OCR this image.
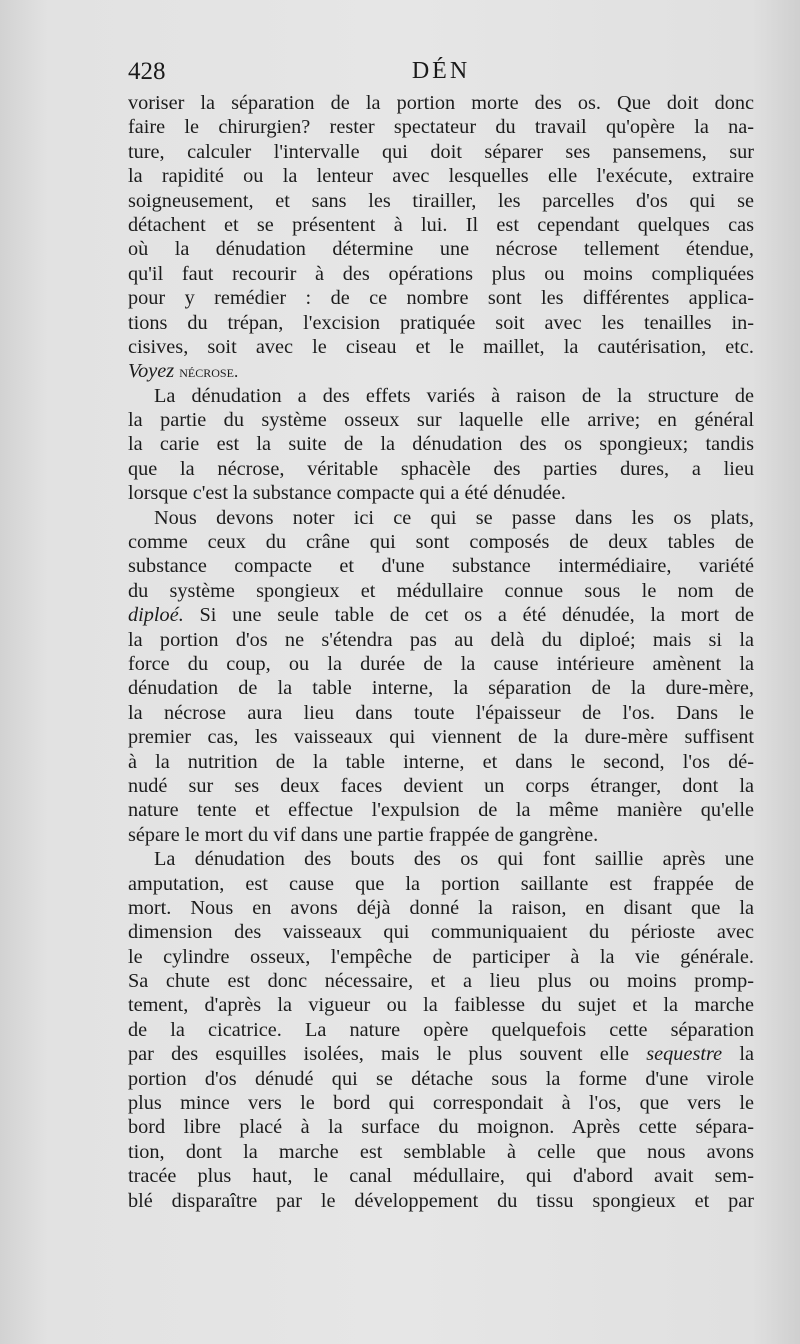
428	DÉN

voriser la séparation de la portion morte des os. Que doit donc
faire le chirurgien? rester spectateur du travail qu'opère la na-
ture, calculer l'intervalle qui doit séparer ses pansemens, sur
la rapidité ou la lenteur avec lesquelles elle l'exécute, extraire
soigneusement, et sans les tirailler, les parcelles d'os qui se
détachent et se présentent à lui. Il est cependant quelques cas
où la dénudation détermine une nécrose tellement étendue,
qu'il faut recourir à des opérations plus ou moins compliquées
pour y remédier : de ce nombre sont les différentes applica-
tions du trépan, l'excision pratiquée soit avec les tenailles in-
cisives, soit avec le ciseau et le maillet, la cautérisation, etc.
Voyez nécrose.

La dénudation a des effets variés à raison de la structure de
la partie du système osseux sur laquelle elle arrive; en général
la carie est la suite de la dénudation des os spongieux; tandis
que la nécrose, véritable sphacèle des parties dures, a lieu
lorsque c'est la substance compacte qui a été dénudée.

Nous devons noter ici ce qui se passe dans les os plats,
comme ceux du crâne qui sont composés de deux tables de
substance compacte et d'une substance intermédiaire, variété
du système spongieux et médullaire connue sous le nom de
diploé. Si une seule table de cet os a été dénudée, la mort de
la portion d'os ne s'étendra pas au delà du diploé; mais si la
force du coup, ou la durée de la cause intérieure amènent la
dénudation de la table interne, la séparation de la dure-mère,
la nécrose aura lieu dans toute l'épaisseur de l'os. Dans le
premier cas, les vaisseaux qui viennent de la dure-mère suffisent
à la nutrition de la table interne, et dans le second, l'os dé-
nudé sur ses deux faces devient un corps étranger, dont la
nature tente et effectue l'expulsion de la même manière qu'elle
sépare le mort du vif dans une partie frappée de gangrène.

La dénudation des bouts des os qui font saillie après une
amputation, est cause que la portion saillante est frappée de
mort. Nous en avons déjà donné la raison, en disant que la
dimension des vaisseaux qui communiquaient du périoste avec
le cylindre osseux, l'empêche de participer à la vie générale.
Sa chute est donc nécessaire, et a lieu plus ou moins promp-
tement, d'après la vigueur ou la faiblesse du sujet et la marche
de la cicatrice. La nature opère quelquefois cette séparation
par des esquilles isolées, mais le plus souvent elle sequestre la
portion d'os dénudé qui se détache sous la forme d'une virole
plus mince vers le bord qui correspondait à l'os, que vers le
bord libre placé à la surface du moignon. Après cette sépara-
tion, dont la marche est semblable à celle que nous avons
tracée plus haut, le canal médullaire, qui d'abord avait sem-
blé disparaître par le développement du tissu spongieux et par
